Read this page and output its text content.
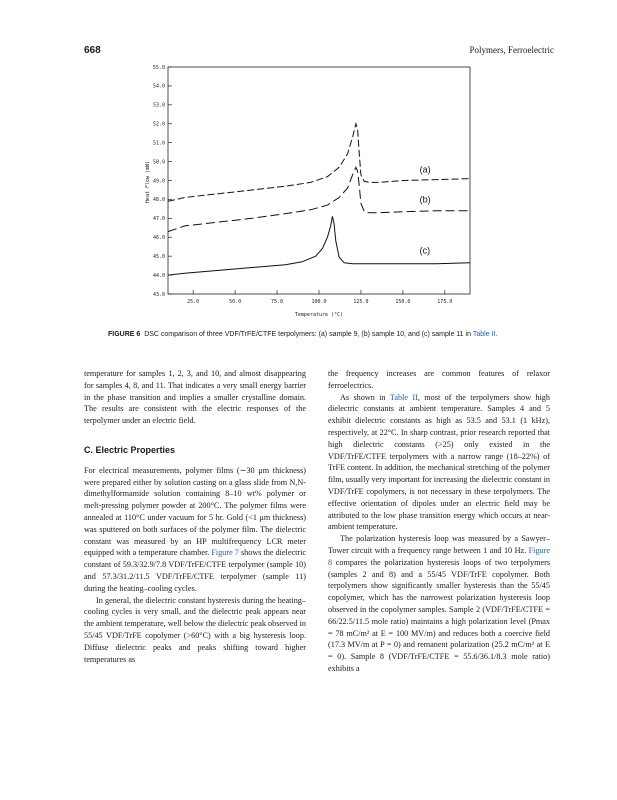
668	Polymers, Ferroelectric
43.0
44.0
45.0
46.0
47.0
48.0
49.0
50.0
51.0
52.0
53.0
54.0
55.0
25.0	50.0	75.0	100.0	125.0	150.0	175.0
(a)
(b)
(c)
Temperature (°C)
Heat Flow (mW)
FIGURE 6 DSC comparison of three VDF/TrFE/CTFE terpolymers: (a) sample 9, (b) sample 10, and (c) sample 11 in Table II.

temperature for samples 1, 2, 3, and 10, and almost disappearing for samples 4, 8, and 11. That indicates a very small energy barrier in the phase transition and implies a smaller crystalline domain. The results are consistent with the electric responses of the terpolymer under an electric field.

C. Electric Properties

For electrical measurements, polymer films (∼30 μm thickness) were prepared either by solution casting on a glass slide from N,N-dimethylformamide solution containing 8–10 wt% polymer or melt-pressing polymer powder at 200°C. The polymer films were annealed at 110°C under vacuum for 5 hr. Gold (<1 μm thickness) was sputtered on both surfaces of the polymer film. The dielectric constant was measured by an HP multifrequency LCR meter equipped with a temperature chamber. Figure 7 shows the dielectric constant of 59.3/32.9/7.8 VDF/TrFE/CTFE terpolymer (sample 10) and 57.3/31.2/11.5 VDF/TrFE/CTFE terpolymer (sample 11) during the heating–cooling cycles.

In general, the dielectric constant hysteresis during the heating–cooling cycles is very small, and the dielectric peak appears near the ambient temperature, well below the dielectric peak observed in 55/45 VDF/TrFE copolymer (>60°C) with a big hysteresis loop. Diffuse dielectric peaks and peaks shifting toward higher temperatures as

the frequency increases are common features of relaxor ferroelectrics.

As shown in Table II, most of the terpolymers show high dielectric constants at ambient temperature. Samples 4 and 5 exhibit dielectric constants as high as 53.5 and 53.1 (1 kHz), respectively, at 22°C. In sharp contrast, prior research reported that high dielectric constants (>25) only existed in the VDF/TrFE/CTFE terpolymers with a narrow range (18–22%) of TrFE content. In addition, the mechanical stretching of the polymer film, usually very important for increasing the dielectric constant in VDF/TrFE copolymers, is not necessary in these terpolymers. The effective orientation of dipoles under an electric field may be attributed to the low phase transition energy which occurs at near-ambient temperature.

The polarization hysteresis loop was measured by a Sawyer–Tower circuit with a frequency range between 1 and 10 Hz. Figure 8 compares the polarization hysteresis loops of two terpolymers (samples 2 and 8) and a 55/45 VDF/TrFE copolymer. Both terpolymers show significantly smaller hysteresis than the 55/45 copolymer, which has the narrowest polarization hysteresis loop observed in the copolymer samples. Sample 2 (VDF/TrFE/CTFE = 66/22.5/11.5 mole ratio) maintains a high polarization level (Pmax = 78 mC/m² at E = 100 MV/m) and reduces both a coercive field (17.3 MV/m at P = 0) and remanent polarization (25.2 mC/m² at E = 0). Sample 8 (VDF/TrFE/CTFE = 55.6/36.1/8.3 mole ratio) exhibits a
